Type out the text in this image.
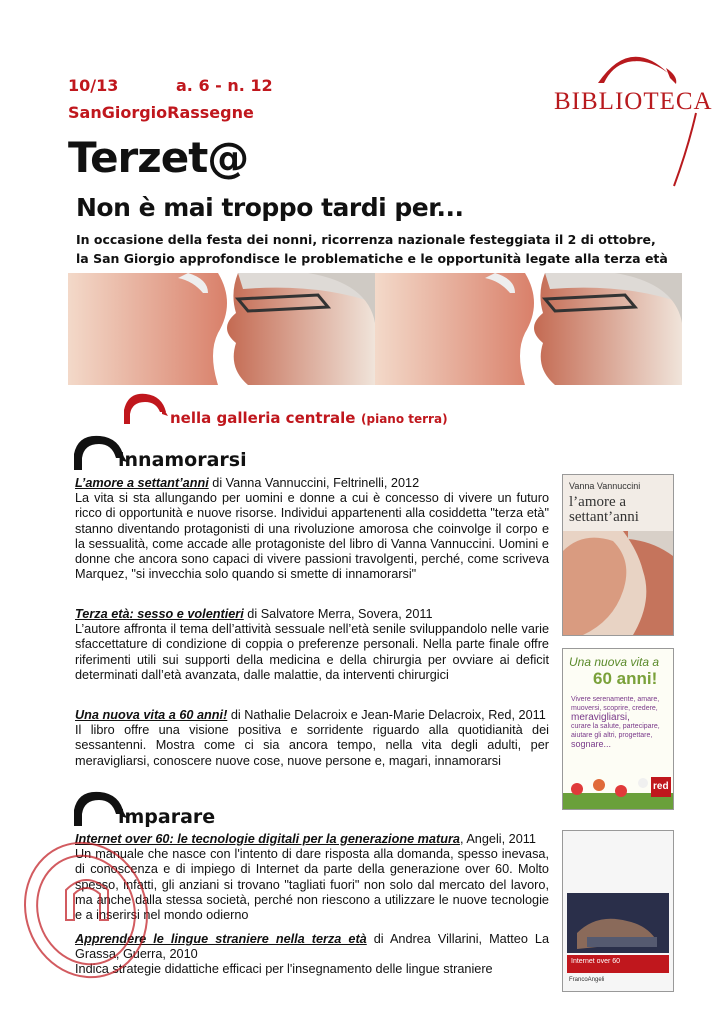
10/13	a. 6 - n. 12
SanGiorgioRassegne	BIBLIOTECA
Terzet@
Non è mai troppo tardi per...
In occasione della festa dei nonni, ricorrenza nazionale festeggiata il 2 di ottobre,
la San Giorgio approfondisce le problematiche e le opportunità legate alla terza età
nella galleria centrale (piano terra)
innamorarsi
L’amore a settant’anni di Vanna Vannuccini, Feltrinelli, 2012
La vita si sta allungando per uomini e donne a cui è concesso di vivere un futuro ricco di opportunità e nuove risorse. Individui appartenenti alla cosiddetta "terza età" stanno diventando protagonisti di una rivoluzione amorosa che coinvolge il corpo e la sessualità, come accade alle protagoniste del libro di Vanna Vannuccini. Uomini e donne che ancora sono capaci di vivere passioni travolgenti, perché, come scriveva Marquez, "si invecchia solo quando si smette di innamorarsi"
Terza età: sesso e volentieri di Salvatore Merra, Sovera, 2011
L’autore affronta il tema dell’attività sessuale nell’età senile sviluppandolo nelle varie sfaccettature di condizione di coppia o preferenze personali. Nella parte finale offre riferimenti utili sui supporti della medicina e della chirurgia per ovviare ai deficit determinati dall’età avanzata, dalle malattie, da interventi chirurgici
Una nuova vita a 60 anni! di Nathalie Delacroix e Jean-Marie Delacroix, Red, 2011
Il libro offre una visione positiva e sorridente riguardo alla quotidianità dei sessantenni. Mostra come ci sia ancora tempo, nella vita degli adulti, per meravigliarsi, conoscere nuove cose, nuove persone e, magari, innamorarsi
imparare
Internet over 60: le tecnologie digitali per la generazione matura, Angeli, 2011
Un manuale che nasce con l'intento di dare risposta alla domanda, spesso inevasa, di conoscenza e di impiego di Internet da parte della generazione over 60. Molto spesso, infatti, gli anziani si trovano "tagliati fuori" non solo dal mercato del lavoro, ma anche dalla stessa società, perché non riescono a utilizzare le nuove tecnologie e a inserirsi nel mondo odierno
Apprendere le lingue straniere nella terza età di Andrea Villarini, Matteo La Grassa, Guerra, 2010
Indica strategie didattiche efficaci per l'insegnamento delle lingue straniere
Vanna Vannuccini
l’amore a settant’anni
Una nuova vita a
60 anni!
Vivere serenamente, amare,
muoversi, scoprire, credere,
meravigliarsi,
curare la salute, partecipare,
aiutare gli altri, progettare,
sognare...
red
Internet over 60
FrancoAngeli
